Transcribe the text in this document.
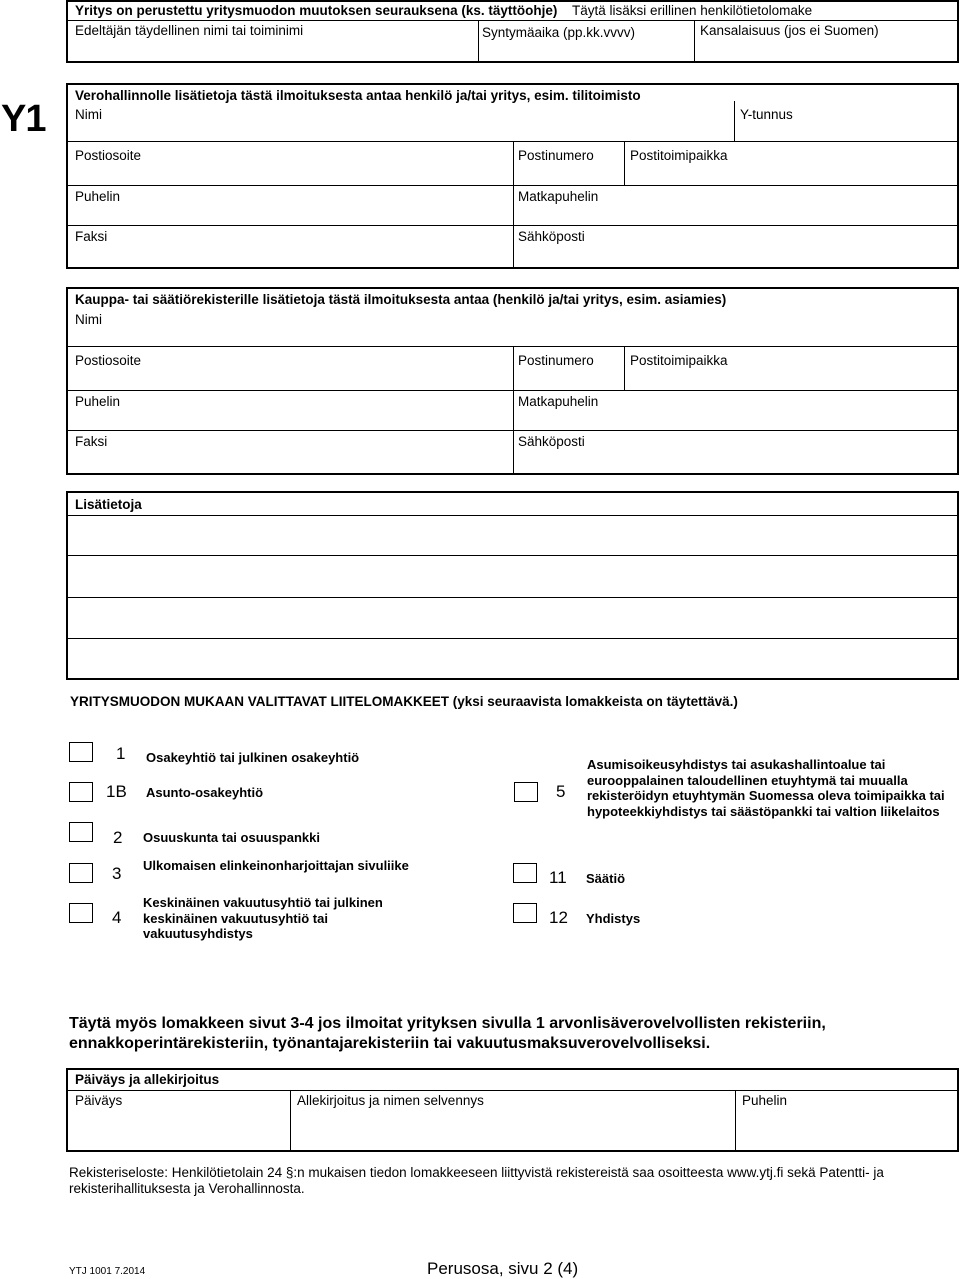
Yritys on perustettu yritysmuodon muutoksen seurauksena (ks. täyttöohje) Täytä lisäksi erillinen henkilötietolomake
Edeltäjän täydellinen nimi tai toiminimi	Syntymäaika (pp.kk.vvvv)	Kansalaisuus (jos ei Suomen)
Y1
Verohallinnolle lisätietoja tästä ilmoituksesta antaa henkilö ja/tai yritys, esim. tilitoimisto
Nimi	Y-tunnus
Postiosoite	Postinumero	Postitoimipaikka
Puhelin	Matkapuhelin
Faksi	Sähköposti
Kauppa- tai säätiörekisterille lisätietoja tästä ilmoituksesta antaa (henkilö ja/tai yritys, esim. asiamies)
Nimi
Postiosoite	Postinumero	Postitoimipaikka
Puhelin	Matkapuhelin
Faksi	Sähköposti
Lisätietoja
YRITYSMUODON MUKAAN VALITTAVAT LIITELOMAKKEET (yksi seuraavista lomakkeista on täytettävä.)
1 Osakeyhtiö tai julkinen osakeyhtiö
1B Asunto-osakeyhtiö
2 Osuuskunta tai osuuspankki
3 Ulkomaisen elinkeinonharjoittajan sivuliike
4
Keskinäinen vakuutusyhtiö tai julkinen keskinäinen vakuutusyhtiö tai vakuutusyhdistys
5
Asumisoikeusyhdistys tai asukashallintoalue tai eurooppalainen taloudellinen etuyhtymä tai muualla rekisteröidyn etuyhtymän Suomessa oleva toimipaikka tai hypoteekkiyhdistys tai säästöpankki tai valtion liikelaitos
11 Säätiö
12 Yhdistys
Täytä myös lomakkeen sivut 3-4 jos ilmoitat yrityksen sivulla 1 arvonlisäverovelvollisten rekisteriin, ennakkoperintärekisteriin, työnantajarekisteriin tai vakuutusmaksuverovelvolliseksi.
Päiväys ja allekirjoitus
Päiväys	Allekirjoitus ja nimen selvennys	Puhelin
Rekisteriseloste: Henkilötietolain 24 §:n mukaisen tiedon lomakkeeseen liittyvistä rekistereistä saa osoitteesta www.ytj.fi sekä Patentti- ja rekisterihallituksesta ja Verohallinnosta.
YTJ 1001 7.2014	Perusosa, sivu 2 (4)
